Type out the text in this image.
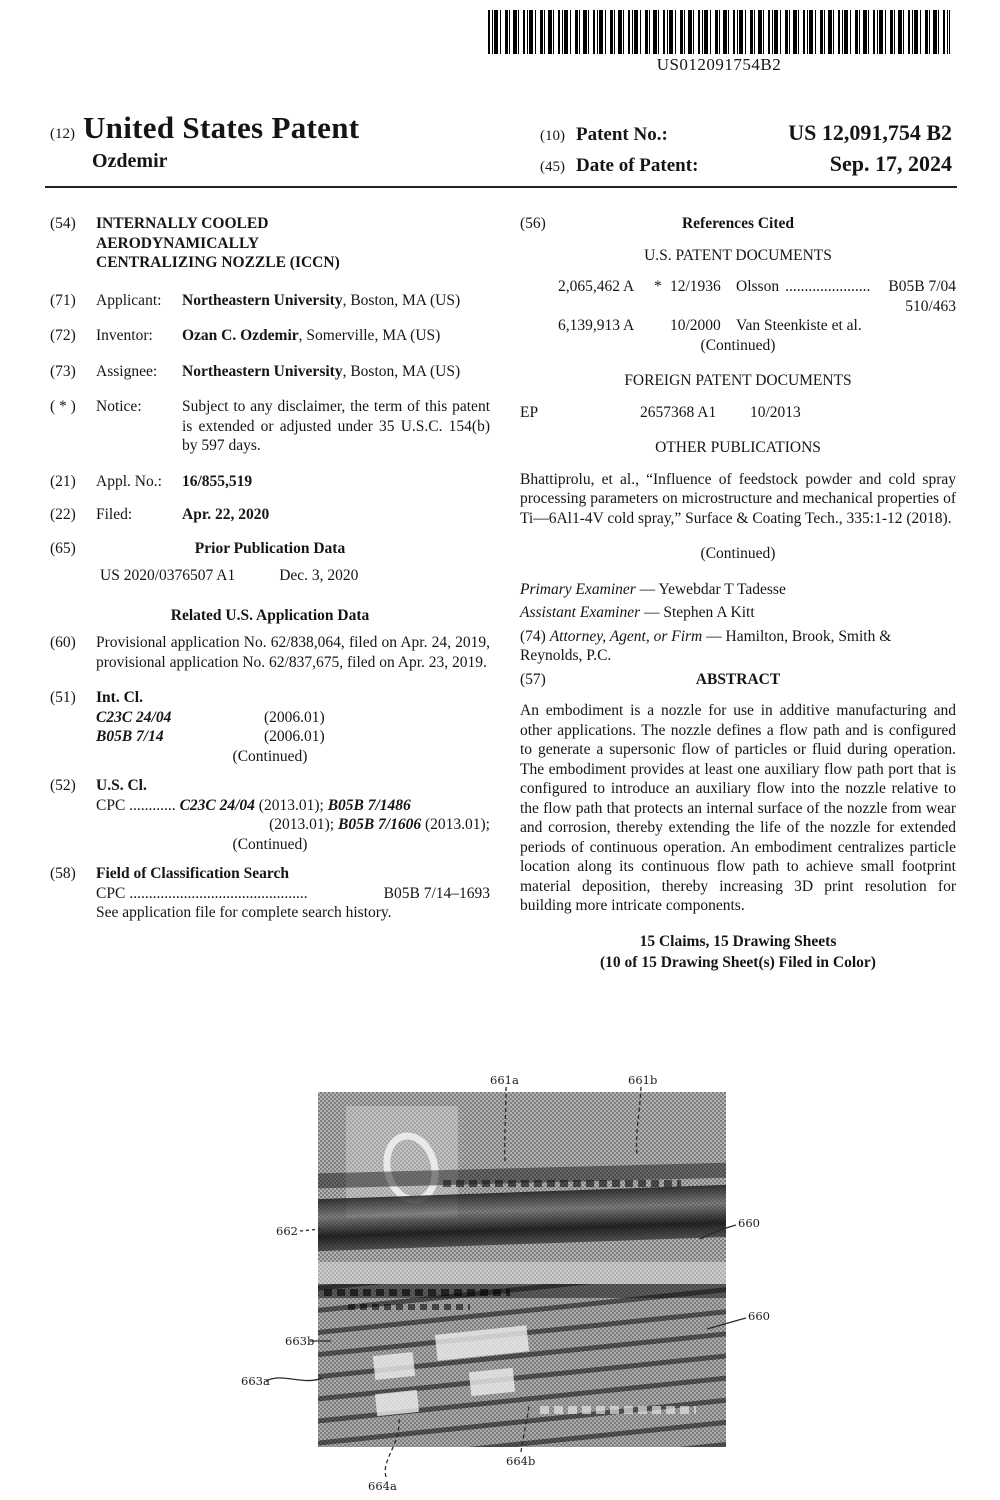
US012091754B2
(12) United States Patent
Ozdemir
(10) Patent No.:	US 12,091,754 B2
(45) Date of Patent:	Sep. 17, 2024
(54)	INTERNALLY COOLED AERODYNAMICALLY CENTRALIZING NOZZLE (ICCN)
(71)	Applicant:	Northeastern University, Boston, MA (US)
(72)	Inventor:	Ozan C. Ozdemir, Somerville, MA (US)
(73)	Assignee:	Northeastern University, Boston, MA (US)
( * )	Notice:	Subject to any disclaimer, the term of this patent is extended or adjusted under 35 U.S.C. 154(b) by 597 days.
(21)	Appl. No.:	16/855,519
(22)	Filed:	Apr. 22, 2020
(65)	Prior Publication Data
US 2020/0376507 A1	Dec. 3, 2020
Related U.S. Application Data
(60)	Provisional application No. 62/838,064, filed on Apr. 24, 2019, provisional application No. 62/837,675, filed on Apr. 23, 2019.
(51)	Int. Cl.
C23C 24/04	(2006.01)
B05B 7/14	(2006.01)
(Continued)
(52)	U.S. Cl.
CPC ............ C23C 24/04 (2013.01); B05B 7/1486
(2013.01); B05B 7/1606 (2013.01);
(Continued)
(58)	Field of Classification Search
CPC ..............................................	B05B 7/14–1693
See application file for complete search history.
(56)	References Cited
U.S. PATENT DOCUMENTS
2,065,462 A	* 12/1936 Olsson ......................	B05B 7/04
510/463
6,139,913 A	10/2000 Van Steenkiste et al.
(Continued)
FOREIGN PATENT DOCUMENTS
EP	2657368 A1	10/2013
OTHER PUBLICATIONS
Bhattiprolu, et al., “Influence of feedstock powder and cold spray processing parameters on microstructure and mechanical properties of Ti—6Al1-4V cold spray,” Surface & Coating Tech., 335:1-12 (2018).
(Continued)

Primary Examiner — Yewebdar T Tadesse

Assistant Examiner — Stephen A Kitt

(74) Attorney, Agent, or Firm — Hamilton, Brook, Smith & Reynolds, P.C.

(57)	ABSTRACT
An embodiment is a nozzle for use in additive manufacturing and other applications. The nozzle defines a flow path and is configured to generate a supersonic flow of particles or fluid during operation. The embodiment provides at least one auxiliary flow path port that is configured to introduce an auxiliary flow into the nozzle relative to the flow path that protects an internal surface of the nozzle from wear and corrosion, thereby extending the life of the nozzle for extended periods of continuous operation. An embodiment centralizes particle location along its continuous flow path to achieve small footprint material deposition, thereby increasing 3D print resolution for building more intricate components.
15 Claims, 15 Drawing Sheets
(10 of 15 Drawing Sheet(s) Filed in Color)
661a	661b
662
660
660
663b
663a
664b
664a
